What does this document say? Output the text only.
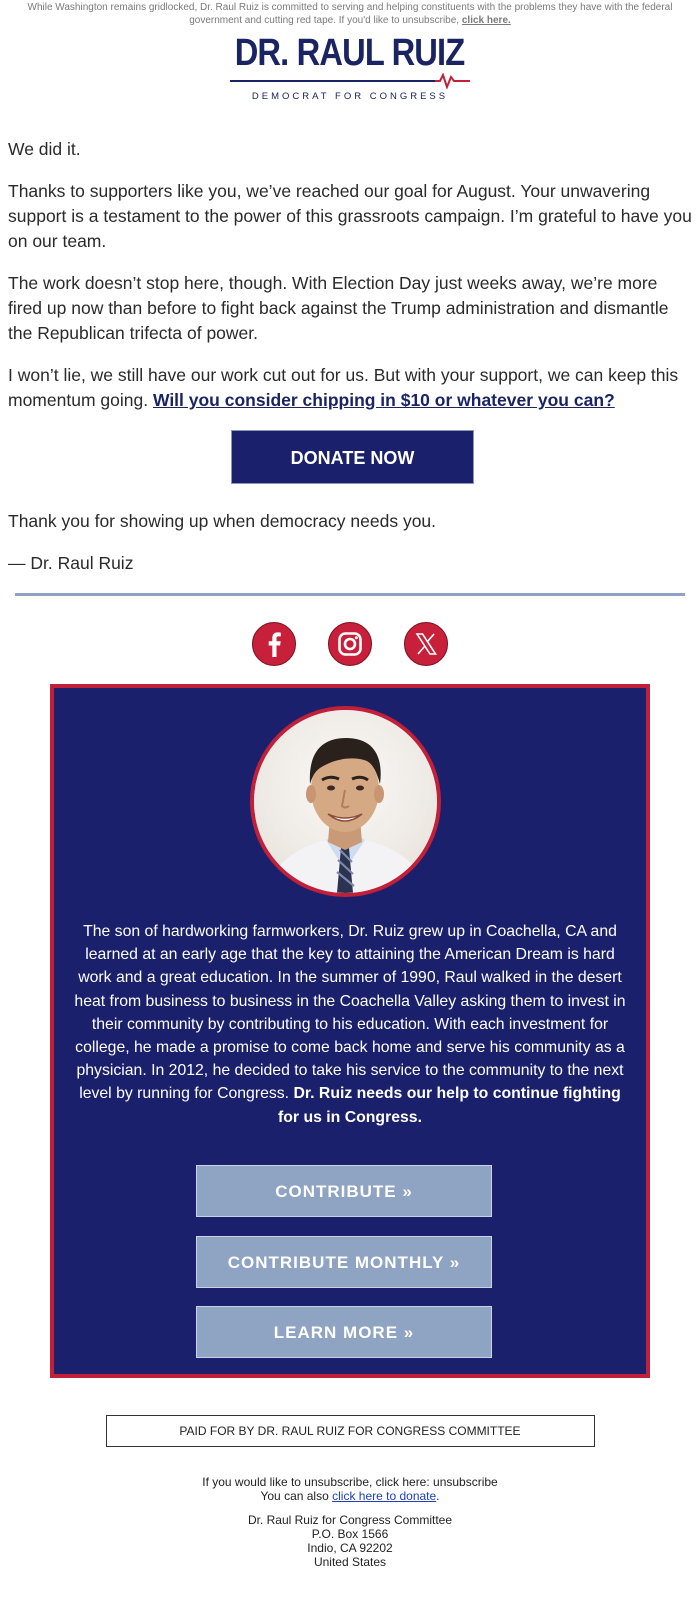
While Washington remains gridlocked, Dr. Raul Ruiz is committed to serving and helping constituents with the problems they have with the federal government and cutting red tape. If you'd like to unsubscribe, click here.
DR. RAUL RUIZ
DEMOCRAT FOR CONGRESS

We did it.

Thanks to supporters like you, we’ve reached our goal for August. Your unwavering support is a testament to the power of this grassroots campaign. I’m grateful to have you on our team.

The work doesn’t stop here, though. With Election Day just weeks away, we’re more fired up now than before to fight back against the Trump administration and dismantle the Republican trifecta of power.

I won’t lie, we still have our work cut out for us. But with your support, we can keep this momentum going. Will you consider chipping in $10 or whatever you can?

DONATE NOW

Thank you for showing up when democracy needs you.

— Dr. Raul Ruiz

The son of hardworking farmworkers, Dr. Ruiz grew up in Coachella, CA and learned at an early age that the key to attaining the American Dream is hard work and a great education. In the summer of 1990, Raul walked in the desert heat from business to business in the Coachella Valley asking them to invest in their community by contributing to his education. With each investment for college, he made a promise to come back home and serve his community as a physician. In 2012, he decided to take his service to the community to the next level by running for Congress. Dr. Ruiz needs our help to continue fighting for us in Congress.
CONTRIBUTE »
CONTRIBUTE MONTHLY »
LEARN MORE »
PAID FOR BY DR. RAUL RUIZ FOR CONGRESS COMMITTEE
If you would like to unsubscribe, click here: unsubscribe
You can also click here to donate.
Dr. Raul Ruiz for Congress Committee
P.O. Box 1566
Indio, CA 92202
United States
